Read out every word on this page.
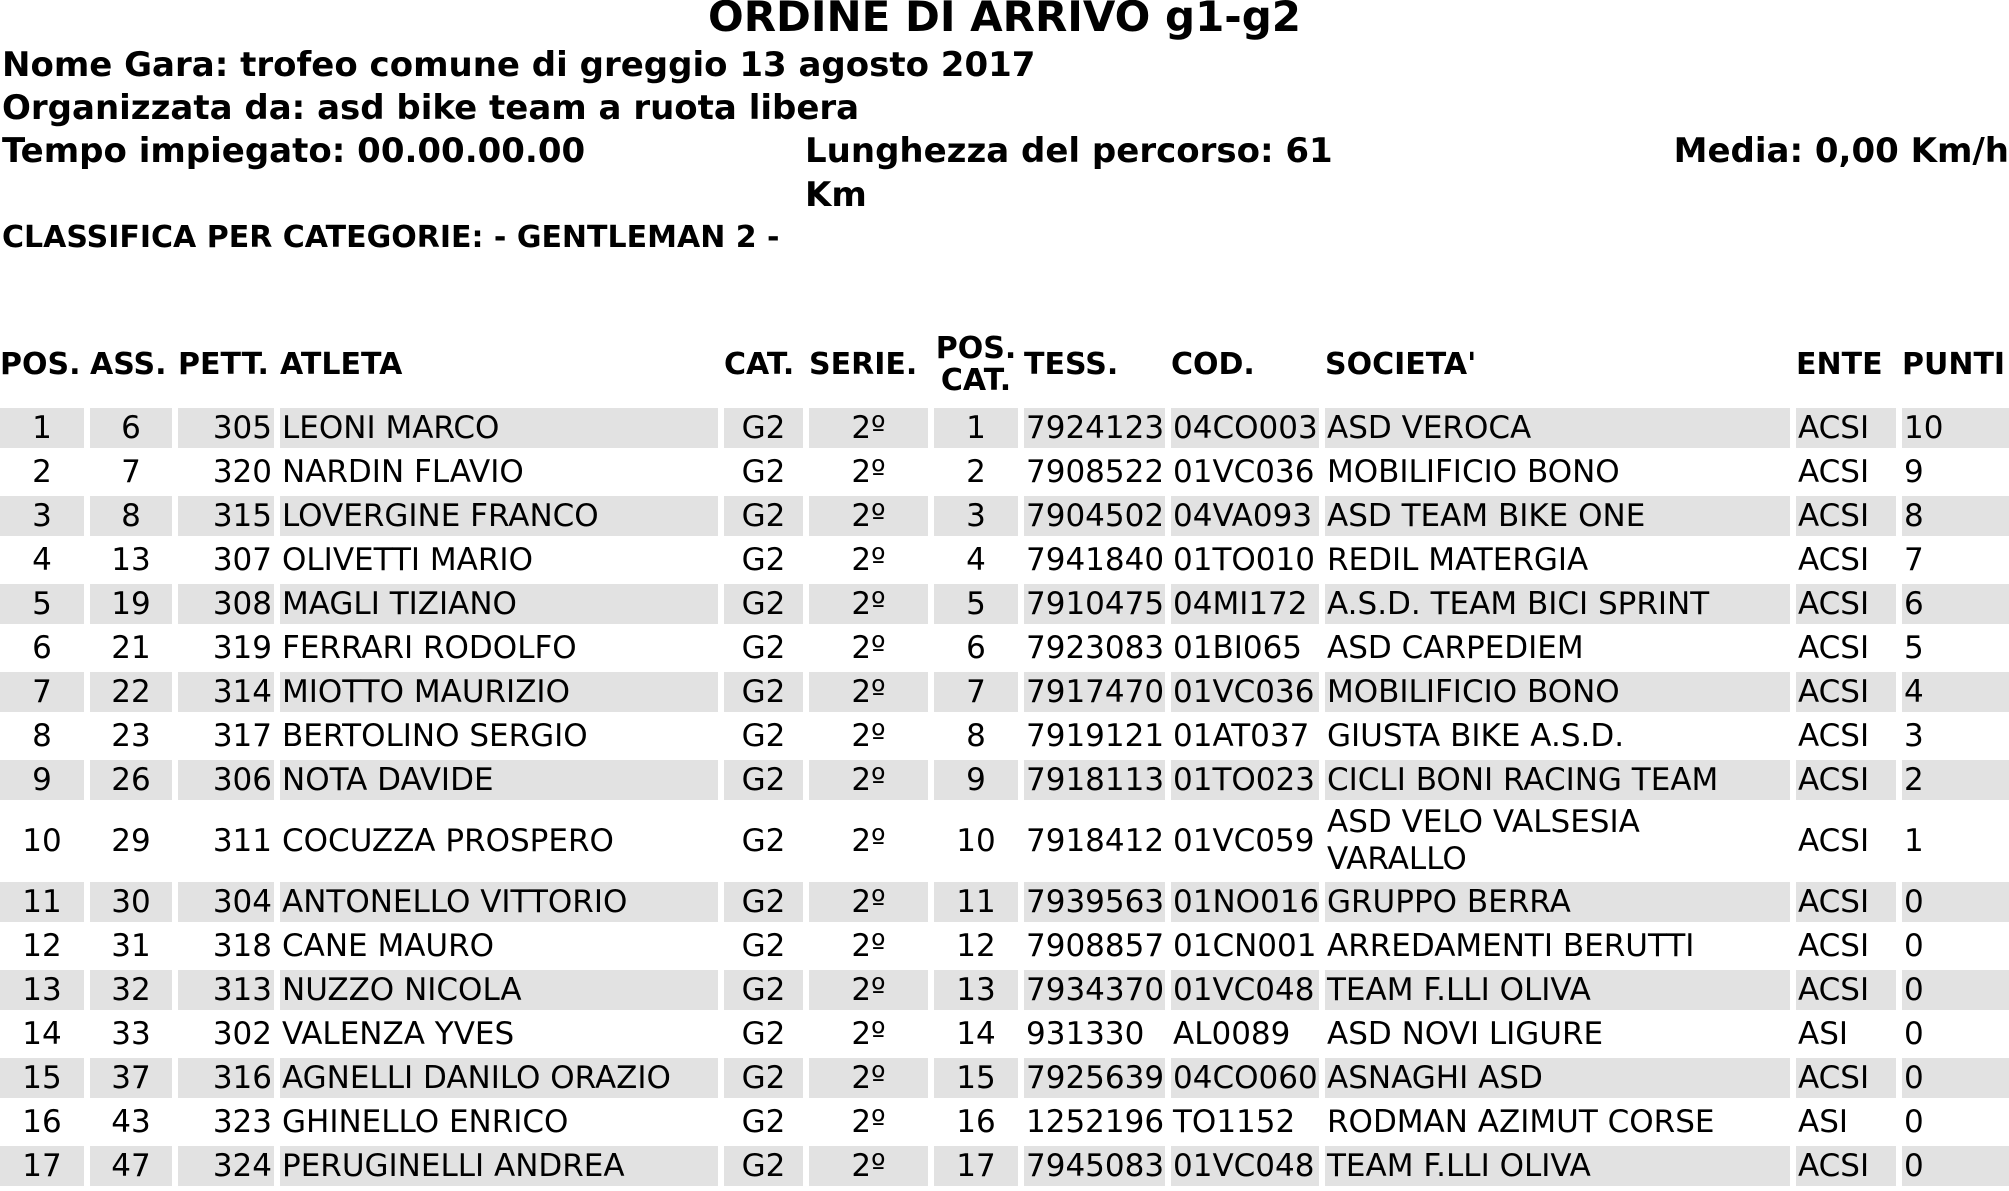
ORDINE DI ARRIVO g1-g2
Nome Gara: trofeo comune di greggio 13 agosto 2017
Organizzata da: asd bike team a ruota libera
Tempo impiegato: 00.00.00.00	Lunghezza del percorso: 61 Km
Media: 0,00 Km/h
CLASSIFICA PER CATEGORIE: - GENTLEMAN 2 -
POS.	ASS.	PETT.	ATLETA	CAT.	SERIE.	POS. CAT.	TESS.	COD.	SOCIETA'	ENTE	PUNTI
1	6	305	LEONI MARCO	G2	2º	1	7924123	04CO003	ASD VEROCA	ACSI	10
2	7	320	NARDIN FLAVIO	G2	2º	2	7908522	01VC036	MOBILIFICIO BONO	ACSI	9
3	8	315	LOVERGINE FRANCO	G2	2º	3	7904502	04VA093	ASD TEAM BIKE ONE	ACSI	8
4	13	307	OLIVETTI MARIO	G2	2º	4	7941840	01TO010	REDIL MATERGIA	ACSI	7
5	19	308	MAGLI TIZIANO	G2	2º	5	7910475	04MI172	A.S.D. TEAM BICI SPRINT	ACSI	6
6	21	319	FERRARI RODOLFO	G2	2º	6	7923083	01BI065	ASD CARPEDIEM	ACSI	5
7	22	314	MIOTTO MAURIZIO	G2	2º	7	7917470	01VC036	MOBILIFICIO BONO	ACSI	4
8	23	317	BERTOLINO SERGIO	G2	2º	8	7919121	01AT037	GIUSTA BIKE A.S.D.	ACSI	3
9	26	306	NOTA DAVIDE	G2	2º	9	7918113	01TO023	CICLI BONI RACING TEAM	ACSI	2
10	29	311	COCUZZA PROSPERO	G2	2º	10	7918412	01VC059	ASD VELO VALSESIA VARALLO	ACSI	1
11	30	304	ANTONELLO VITTORIO	G2	2º	11	7939563	01NO016	GRUPPO BERRA	ACSI	0
12	31	318	CANE MAURO	G2	2º	12	7908857	01CN001	ARREDAMENTI BERUTTI	ACSI	0
13	32	313	NUZZO NICOLA	G2	2º	13	7934370	01VC048	TEAM F.LLI OLIVA	ACSI	0
14	33	302	VALENZA YVES	G2	2º	14	931330	AL0089	ASD NOVI LIGURE	ASI	0
15	37	316	AGNELLI DANILO ORAZIO	G2	2º	15	7925639	04CO060	ASNAGHI ASD	ACSI	0
16	43	323	GHINELLO ENRICO	G2	2º	16	1252196	TO1152	RODMAN AZIMUT CORSE	ASI	0
17	47	324	PERUGINELLI ANDREA	G2	2º	17	7945083	01VC048	TEAM F.LLI OLIVA	ACSI	0
